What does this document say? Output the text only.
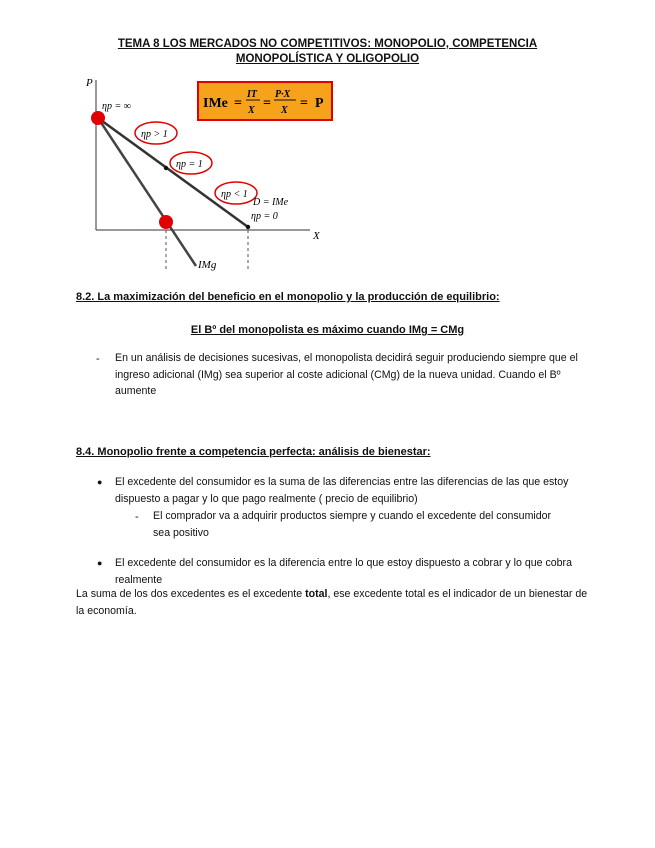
TEMA 8 LOS MERCADOS NO COMPETITIVOS: MONOPOLIO, COMPETENCIA
MONOPOLÍSTICA Y OLIGOPOLIO
P
X
ηp = ∞
ηp > 1
ηp = 1
ηp < 1
D = IMe
ηp = 0
IMg
IMe =
IT
X =
P·X
X = P
8.2. La maximización del beneficio en el monopolio y la producción de equilibrio:
El Bº del monopolista es máximo cuando IMg = CMg
- En un análisis de decisiones sucesivas, el monopolista decidirá seguir produciendo siempre que el ingreso adicional (IMg) sea superior al coste adicional (CMg) de la nueva unidad. Cuando el Bº aumente
8.4. Monopolio frente a competencia perfecta: análisis de bienestar:
● El excedente del consumidor es la suma de las diferencias entre las diferencias de las que estoy dispuesto a pagar y lo que pago realmente ( precio de equilibrio)
- El comprador va a adquirir productos siempre y cuando el excedente del consumidor sea positivo
● El excedente del consumidor es la diferencia entre lo que estoy dispuesto a cobrar y lo que cobra realmente
La suma de los dos excedentes es el excedente total, ese excedente total es el indicador de un bienestar de la economía.
